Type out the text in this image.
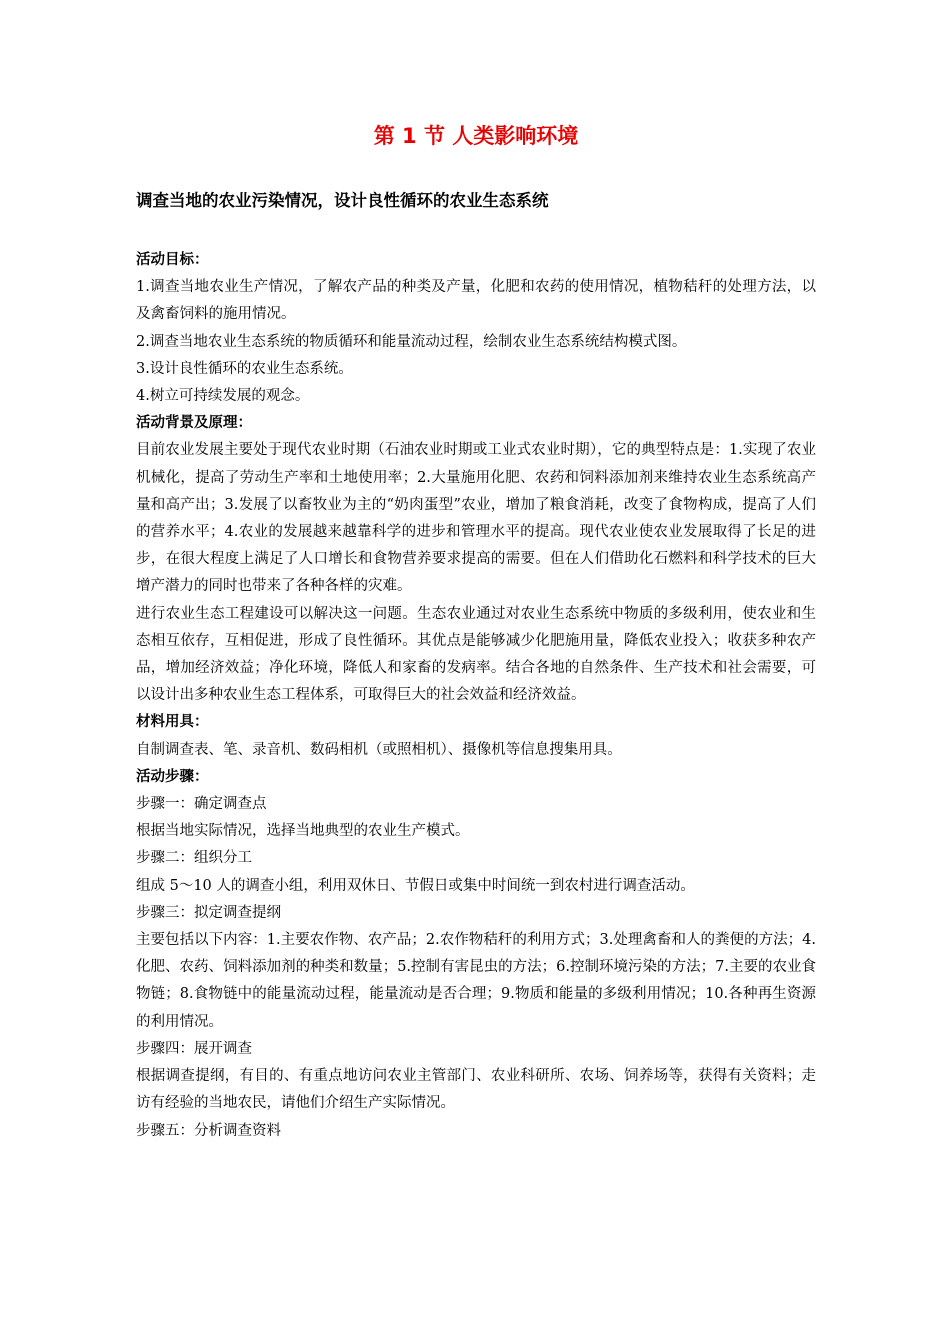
第 1 节 人类影响环境
调查当地的农业污染情况，设计良性循环的农业生态系统

活动目标：

1.调查当地农业生产情况，了解农产品的种类及产量，化肥和农药的使用情况，植物秸秆的处理方法，以及禽畜饲料的施用情况。

2.调查当地农业生态系统的物质循环和能量流动过程，绘制农业生态系统结构模式图。

3.设计良性循环的农业生态系统。

4.树立可持续发展的观念。

活动背景及原理：

目前农业发展主要处于现代农业时期（石油农业时期或工业式农业时期），它的典型特点是：1.实现了农业机械化，提高了劳动生产率和土地使用率；2.大量施用化肥、农药和饲料添加剂来维持农业生态系统高产量和高产出；3.发展了以畜牧业为主的“奶肉蛋型”农业，增加了粮食消耗，改变了食物构成，提高了人们的营养水平；4.农业的发展越来越靠科学的进步和管理水平的提高。现代农业使农业发展取得了长足的进步，在很大程度上满足了人口增长和食物营养要求提高的需要。但在人们借助化石燃料和科学技术的巨大增产潜力的同时也带来了各种各样的灾难。

进行农业生态工程建设可以解决这一问题。生态农业通过对农业生态系统中物质的多级利用，使农业和生态相互依存，互相促进，形成了良性循环。其优点是能够减少化肥施用量，降低农业投入；收获多种农产品，增加经济效益；净化环境，降低人和家畜的发病率。结合各地的自然条件、生产技术和社会需要，可以设计出多种农业生态工程体系，可取得巨大的社会效益和经济效益。

材料用具：

自制调查表、笔、录音机、数码相机（或照相机）、摄像机等信息搜集用具。

活动步骤：

步骤一：确定调查点

根据当地实际情况，选择当地典型的农业生产模式。

步骤二：组织分工

组成 5～10 人的调查小组，利用双休日、节假日或集中时间统一到农村进行调查活动。

步骤三：拟定调查提纲

主要包括以下内容：1.主要农作物、农产品；2.农作物秸秆的利用方式；3.处理禽畜和人的粪便的方法；4.化肥、农药、饲料添加剂的种类和数量；5.控制有害昆虫的方法；6.控制环境污染的方法；7.主要的农业食物链；8.食物链中的能量流动过程，能量流动是否合理；9.物质和能量的多级利用情况；10.各种再生资源的利用情况。

步骤四：展开调查

根据调查提纲，有目的、有重点地访问农业主管部门、农业科研所、农场、饲养场等，获得有关资料；走访有经验的当地农民，请他们介绍生产实际情况。

步骤五：分析调查资料
